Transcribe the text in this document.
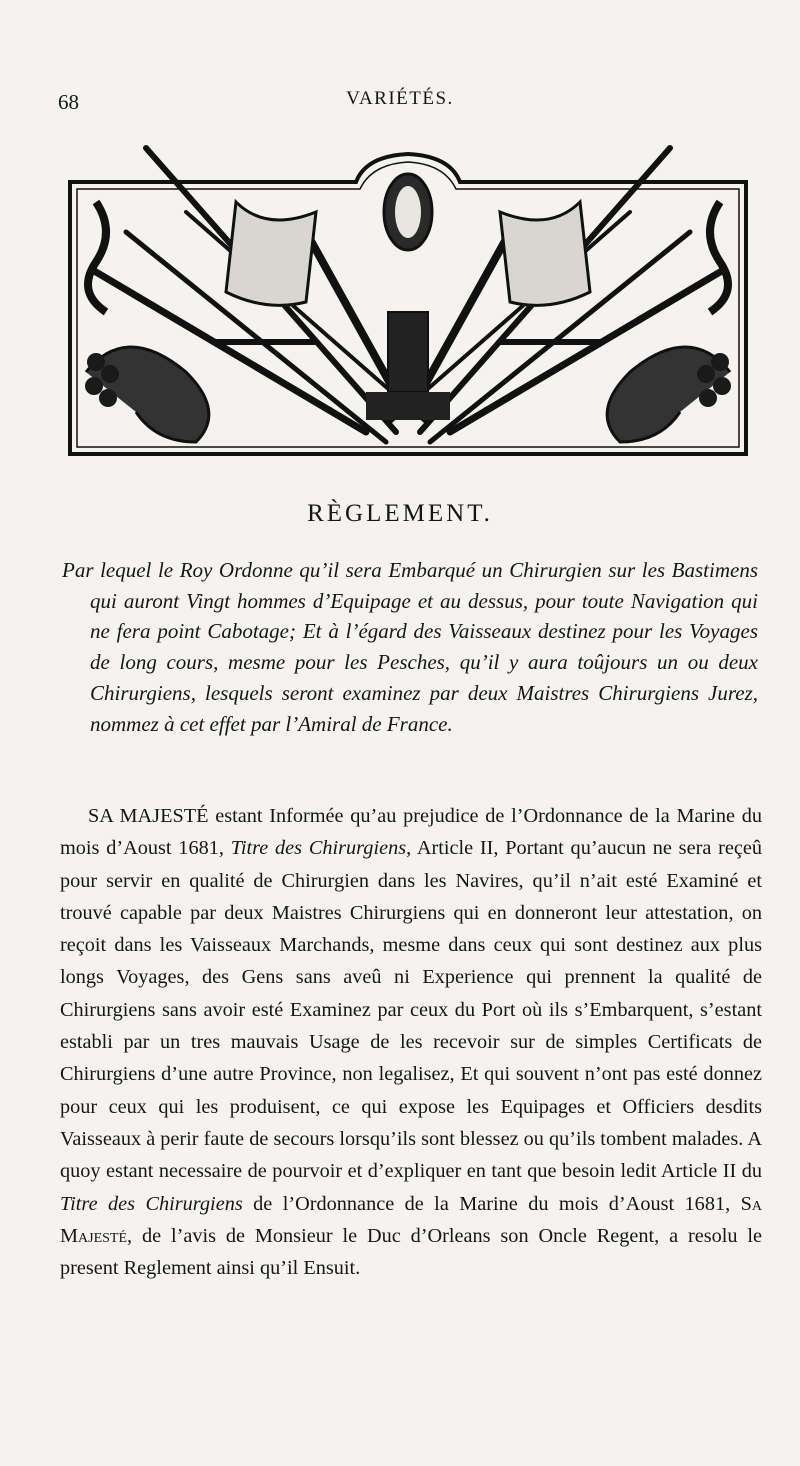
68	VARIÉTÉS.
RÈGLEMENT.
Par lequel le Roy Ordonne qu’il sera Embarqué un Chirurgien sur les Bastimens qui auront Vingt hommes d’Equipage et au dessus, pour toute Navigation qui ne fera point Cabotage; Et à l’égard des Vaisseaux destinez pour les Voyages de long cours, mesme pour les Pesches, qu’il y aura toûjours un ou deux Chirurgiens, lesquels seront examinez par deux Maistres Chirurgiens Jurez, nommez à cet effet par l’Amiral de France.

SA MAJESTÉ estant Informée qu’au prejudice de l’Ordonnance de la Marine du mois d’Aoust 1681, Titre des Chirurgiens, Article II, Portant qu’aucun ne sera reçeû pour servir en qualité de Chirurgien dans les Navires, qu’il n’ait esté Examiné et trouvé capable par deux Maistres Chirurgiens qui en donneront leur attestation, on reçoit dans les Vaisseaux Marchands, mesme dans ceux qui sont destinez aux plus longs Voyages, des Gens sans aveû ni Experience qui prennent la qualité de Chirurgiens sans avoir esté Examinez par ceux du Port où ils s’Embarquent, s’estant establi par un tres mauvais Usage de les recevoir sur de simples Certificats de Chirurgiens d’une autre Province, non legalisez, Et qui souvent n’ont pas esté donnez pour ceux qui les produisent, ce qui expose les Equipages et Officiers desdits Vaisseaux à perir faute de secours lorsqu’ils sont blessez ou qu’ils tombent malades. A quoy estant necessaire de pourvoir et d’expliquer en tant que besoin ledit Article II du Titre des Chirurgiens de l’Ordonnance de la Marine du mois d’Aoust 1681, Sa Majesté, de l’avis de Monsieur le Duc d’Orleans son Oncle Regent, a resolu le present Reglement ainsi qu’il Ensuit.
